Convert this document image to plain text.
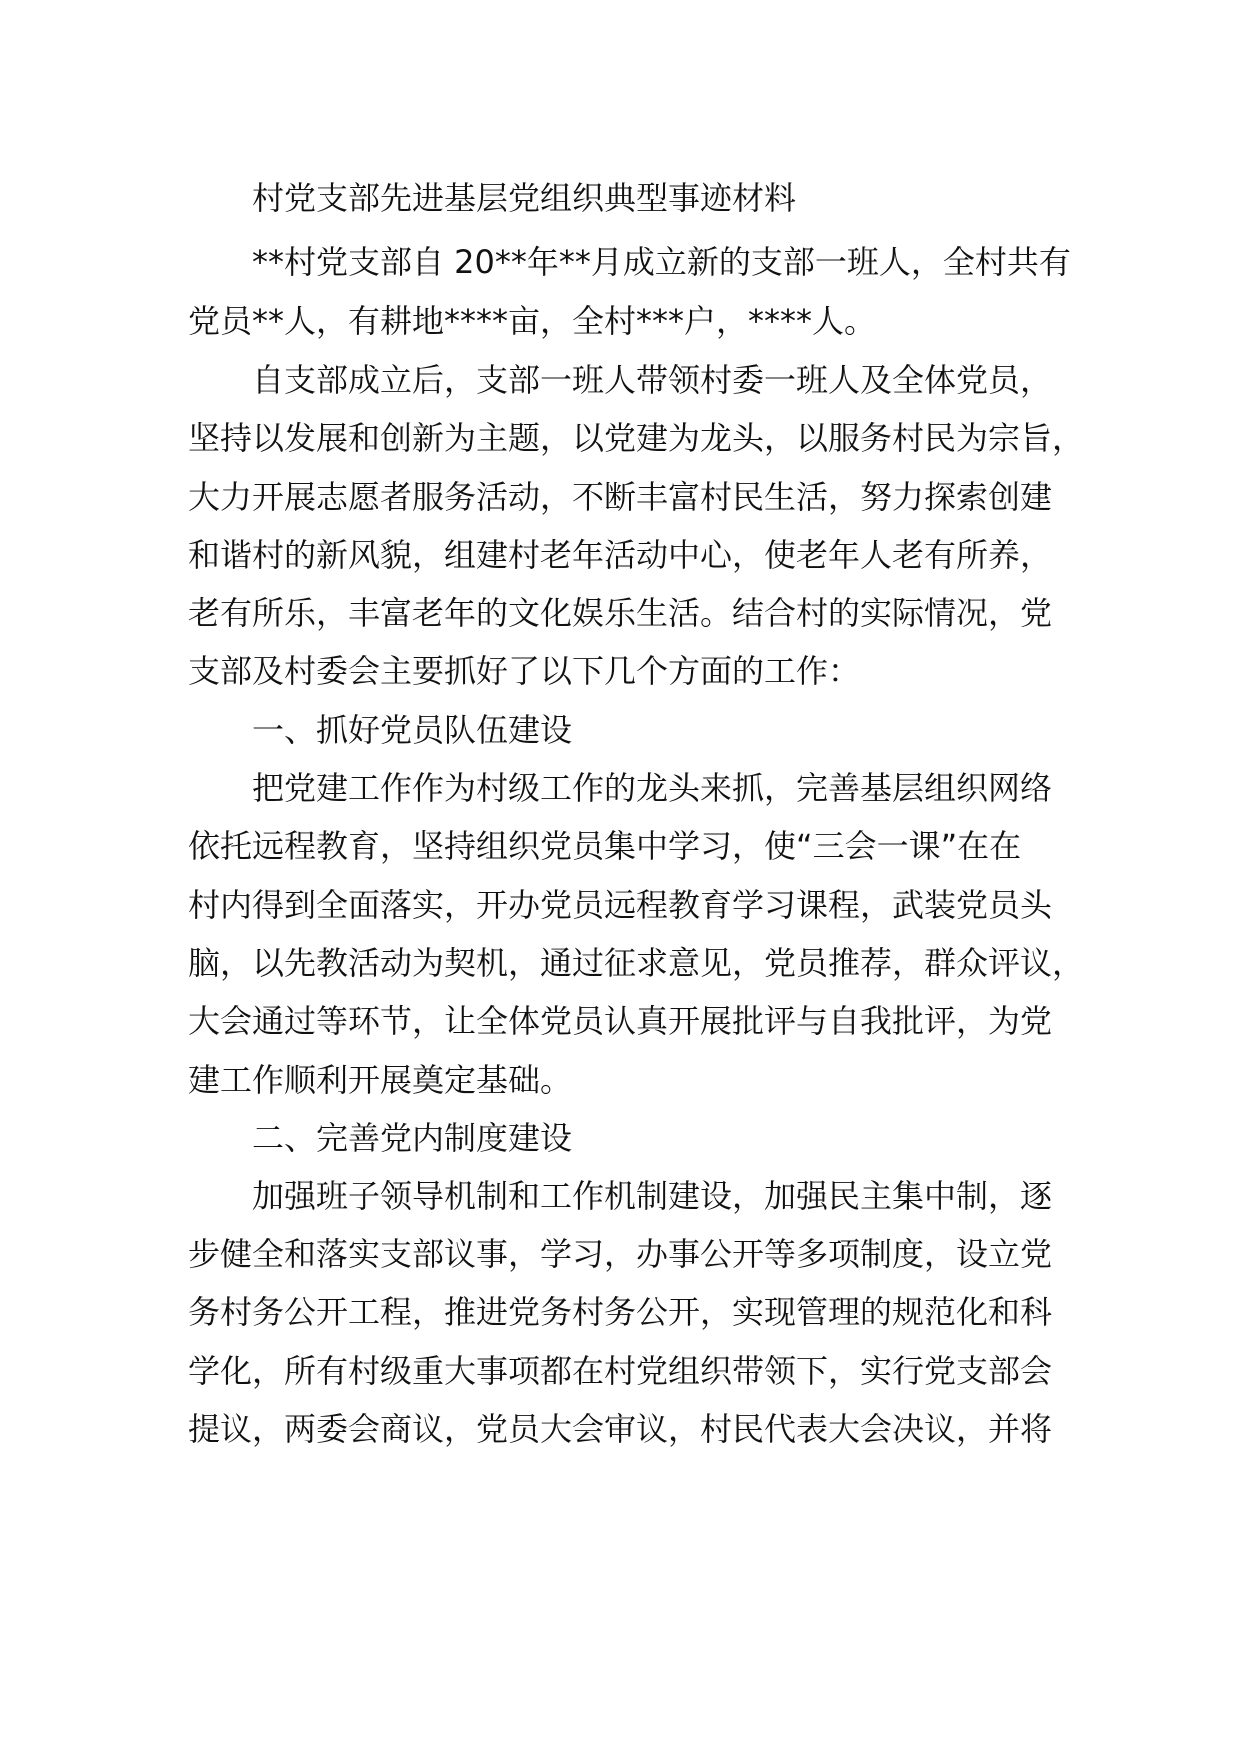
村党支部先进基层党组织典型事迹材料
**村党支部自 20**年**月成立新的支部一班人，全村共有
党员**人，有耕地****亩，全村***户，****人。
自支部成立后，支部一班人带领村委一班人及全体党员，
坚持以发展和创新为主题，以党建为龙头，以服务村民为宗旨，
大力开展志愿者服务活动，不断丰富村民生活，努力探索创建
和谐村的新风貌，组建村老年活动中心，使老年人老有所养，
老有所乐，丰富老年的文化娱乐生活。结合村的实际情况，党
支部及村委会主要抓好了以下几个方面的工作：
一、抓好党员队伍建设
把党建工作作为村级工作的龙头来抓，完善基层组织网络
依托远程教育，坚持组织党员集中学习，使“三会一课”在在
村内得到全面落实，开办党员远程教育学习课程，武装党员头
脑，以先教活动为契机，通过征求意见，党员推荐，群众评议，
大会通过等环节，让全体党员认真开展批评与自我批评，为党
建工作顺利开展奠定基础。
二、完善党内制度建设
加强班子领导机制和工作机制建设，加强民主集中制，逐
步健全和落实支部议事，学习，办事公开等多项制度，设立党
务村务公开工程，推进党务村务公开，实现管理的规范化和科
学化，所有村级重大事项都在村党组织带领下，实行党支部会
提议，两委会商议，党员大会审议，村民代表大会决议，并将
